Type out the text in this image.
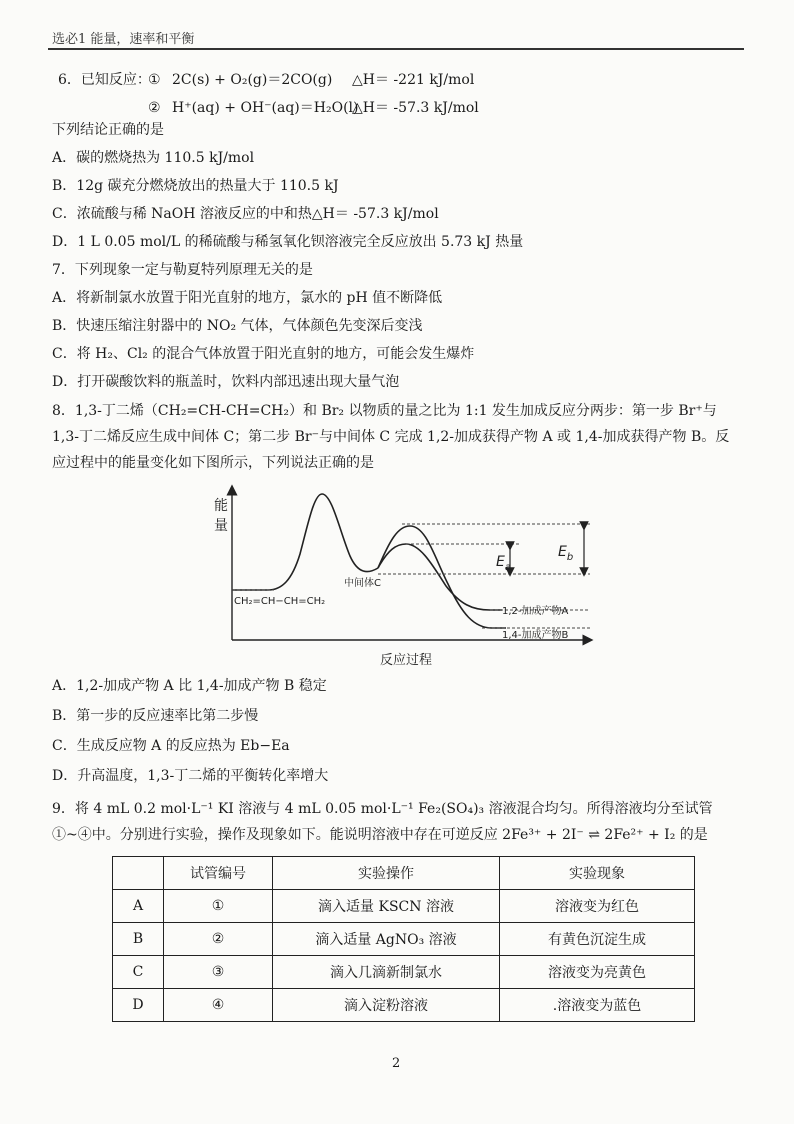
选必1 能量，速率和平衡
6．已知反应：
① 2C(s) + O₂(g)＝2CO(g) △H＝ -221 kJ/mol
② H⁺(aq) + OH⁻(aq)＝H₂O(l)
△H＝ -57.3 kJ/mol
下列结论正确的是
A．碳的燃烧热为 110.5 kJ/mol
B．12g 碳充分燃烧放出的热量大于 110.5 kJ
C．浓硫酸与稀 NaOH 溶液反应的中和热△H＝ -57.3 kJ/mol
D．1 L 0.05 mol/L 的稀硫酸与稀氢氧化钡溶液完全反应放出 5.73 kJ 热量
7．下列现象一定与勒夏特列原理无关的是
A．将新制氯水放置于阳光直射的地方，氯水的 pH 值不断降低
B．快速压缩注射器中的 NO₂ 气体，气体颜色先变深后变浅
C．将 H₂、Cl₂ 的混合气体放置于阳光直射的地方，可能会发生爆炸
D．打开碳酸饮料的瓶盖时，饮料内部迅速出现大量气泡
8．1,3-丁二烯（CH₂=CH-CH=CH₂）和 Br₂ 以物质的量之比为 1:1 发生加成反应分两步：第一步 Br⁺与 1,3-丁二烯反应生成中间体 C；第二步 Br⁻与中间体 C 完成 1,2-加成获得产物 A 或 1,4-加成获得产物 B。反应过程中的能量变化如下图所示，下列说法正确的是
能
量
反应过程
$E_a$
$E_b$
CH₂=CH−CH=CH₂
中间体C
1,2-加成产物A
1,4-加成产物B
A．1,2-加成产物 A 比 1,4-加成产物 B 稳定
B．第一步的反应速率比第二步慢
C．生成反应物 A 的反应热为 Eb−Ea
D．升高温度，1,3-丁二烯的平衡转化率增大
9．将 4 mL 0.2 mol·L⁻¹ KI 溶液与 4 mL 0.05 mol·L⁻¹ Fe₂(SO₄)₃ 溶液混合均匀。所得溶液均分至试管①~④中。分别进行实验，操作及现象如下。能说明溶液中存在可逆反应 2Fe³⁺ + 2I⁻ ⇌ 2Fe²⁺ + I₂ 的是
	试管编号	实验操作	实验现象
A	①	滴入适量 KSCN 溶液	溶液变为红色
B	②	滴入适量 AgNO₃ 溶液	有黄色沉淀生成
C	③	滴入几滴新制氯水	溶液变为亮黄色
D	④	滴入淀粉溶液	.溶液变为蓝色
2
